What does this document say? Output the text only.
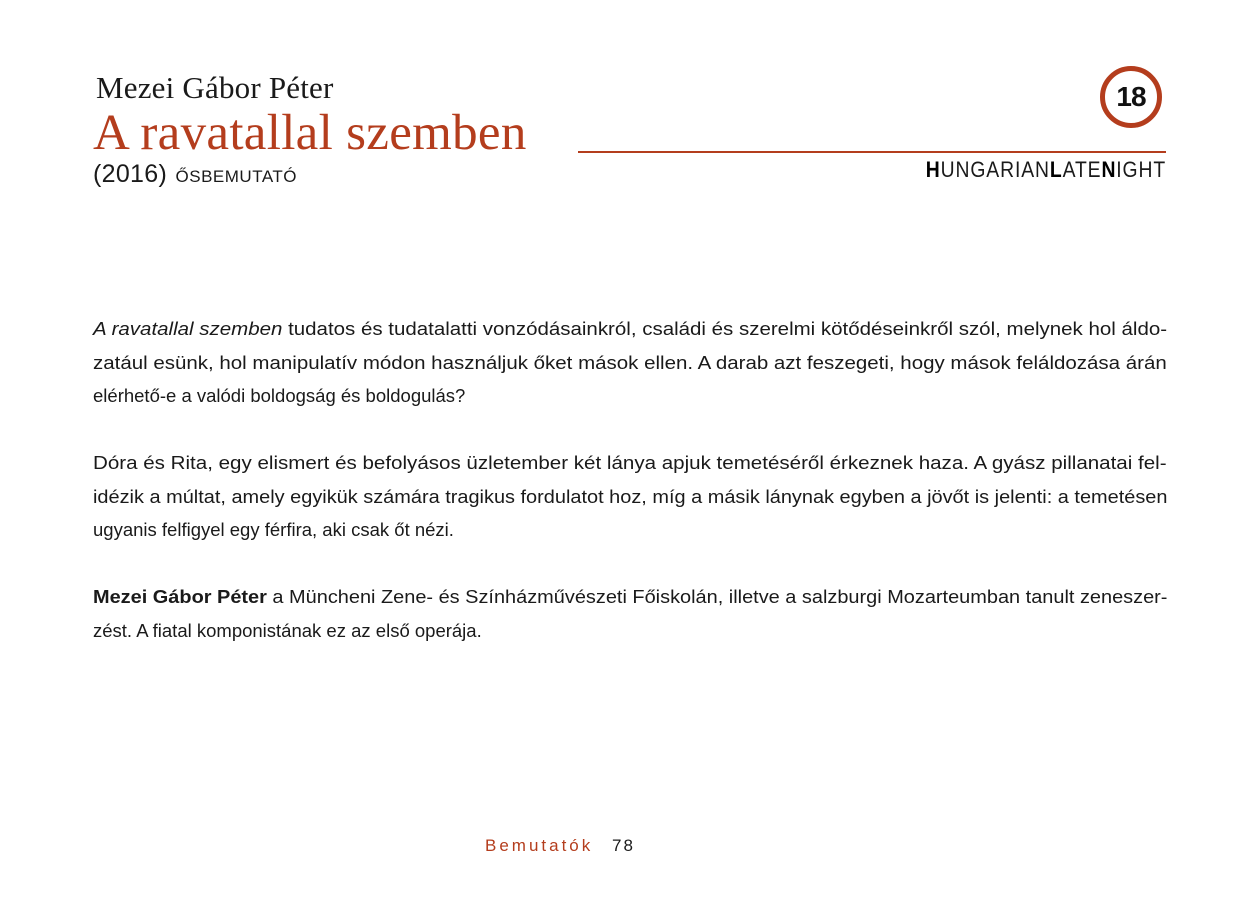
Mezei Gábor Péter
A ravatallal szemben
(2016) ŐSBEMUTATÓ
18
HUNGARIANLATENIGHT
A ravatallal szemben tudatos és tudatalatti vonzódásainkról, családi és szerelmi kötődéseinkről szól, melynek hol áldo-
zatául esünk, hol manipulatív módon használjuk őket mások ellen. A darab azt feszegeti, hogy mások feláldozása árán
elérhető-e a valódi boldogság és boldogulás?
Dóra és Rita, egy elismert és befolyásos üzletember két lánya apjuk temetéséről érkeznek haza. A gyász pillanatai fel-
idézik a múltat, amely egyikük számára tragikus fordulatot hoz, míg a másik lánynak egyben a jövőt is jelenti: a temetésen
ugyanis felfigyel egy férfira, aki csak őt nézi.
Mezei Gábor Péter a Müncheni Zene- és Színházművészeti Főiskolán, illetve a salzburgi Mozarteumban tanult zeneszer-
zést. A fiatal komponistának ez az első operája.
Bemutatók 78
